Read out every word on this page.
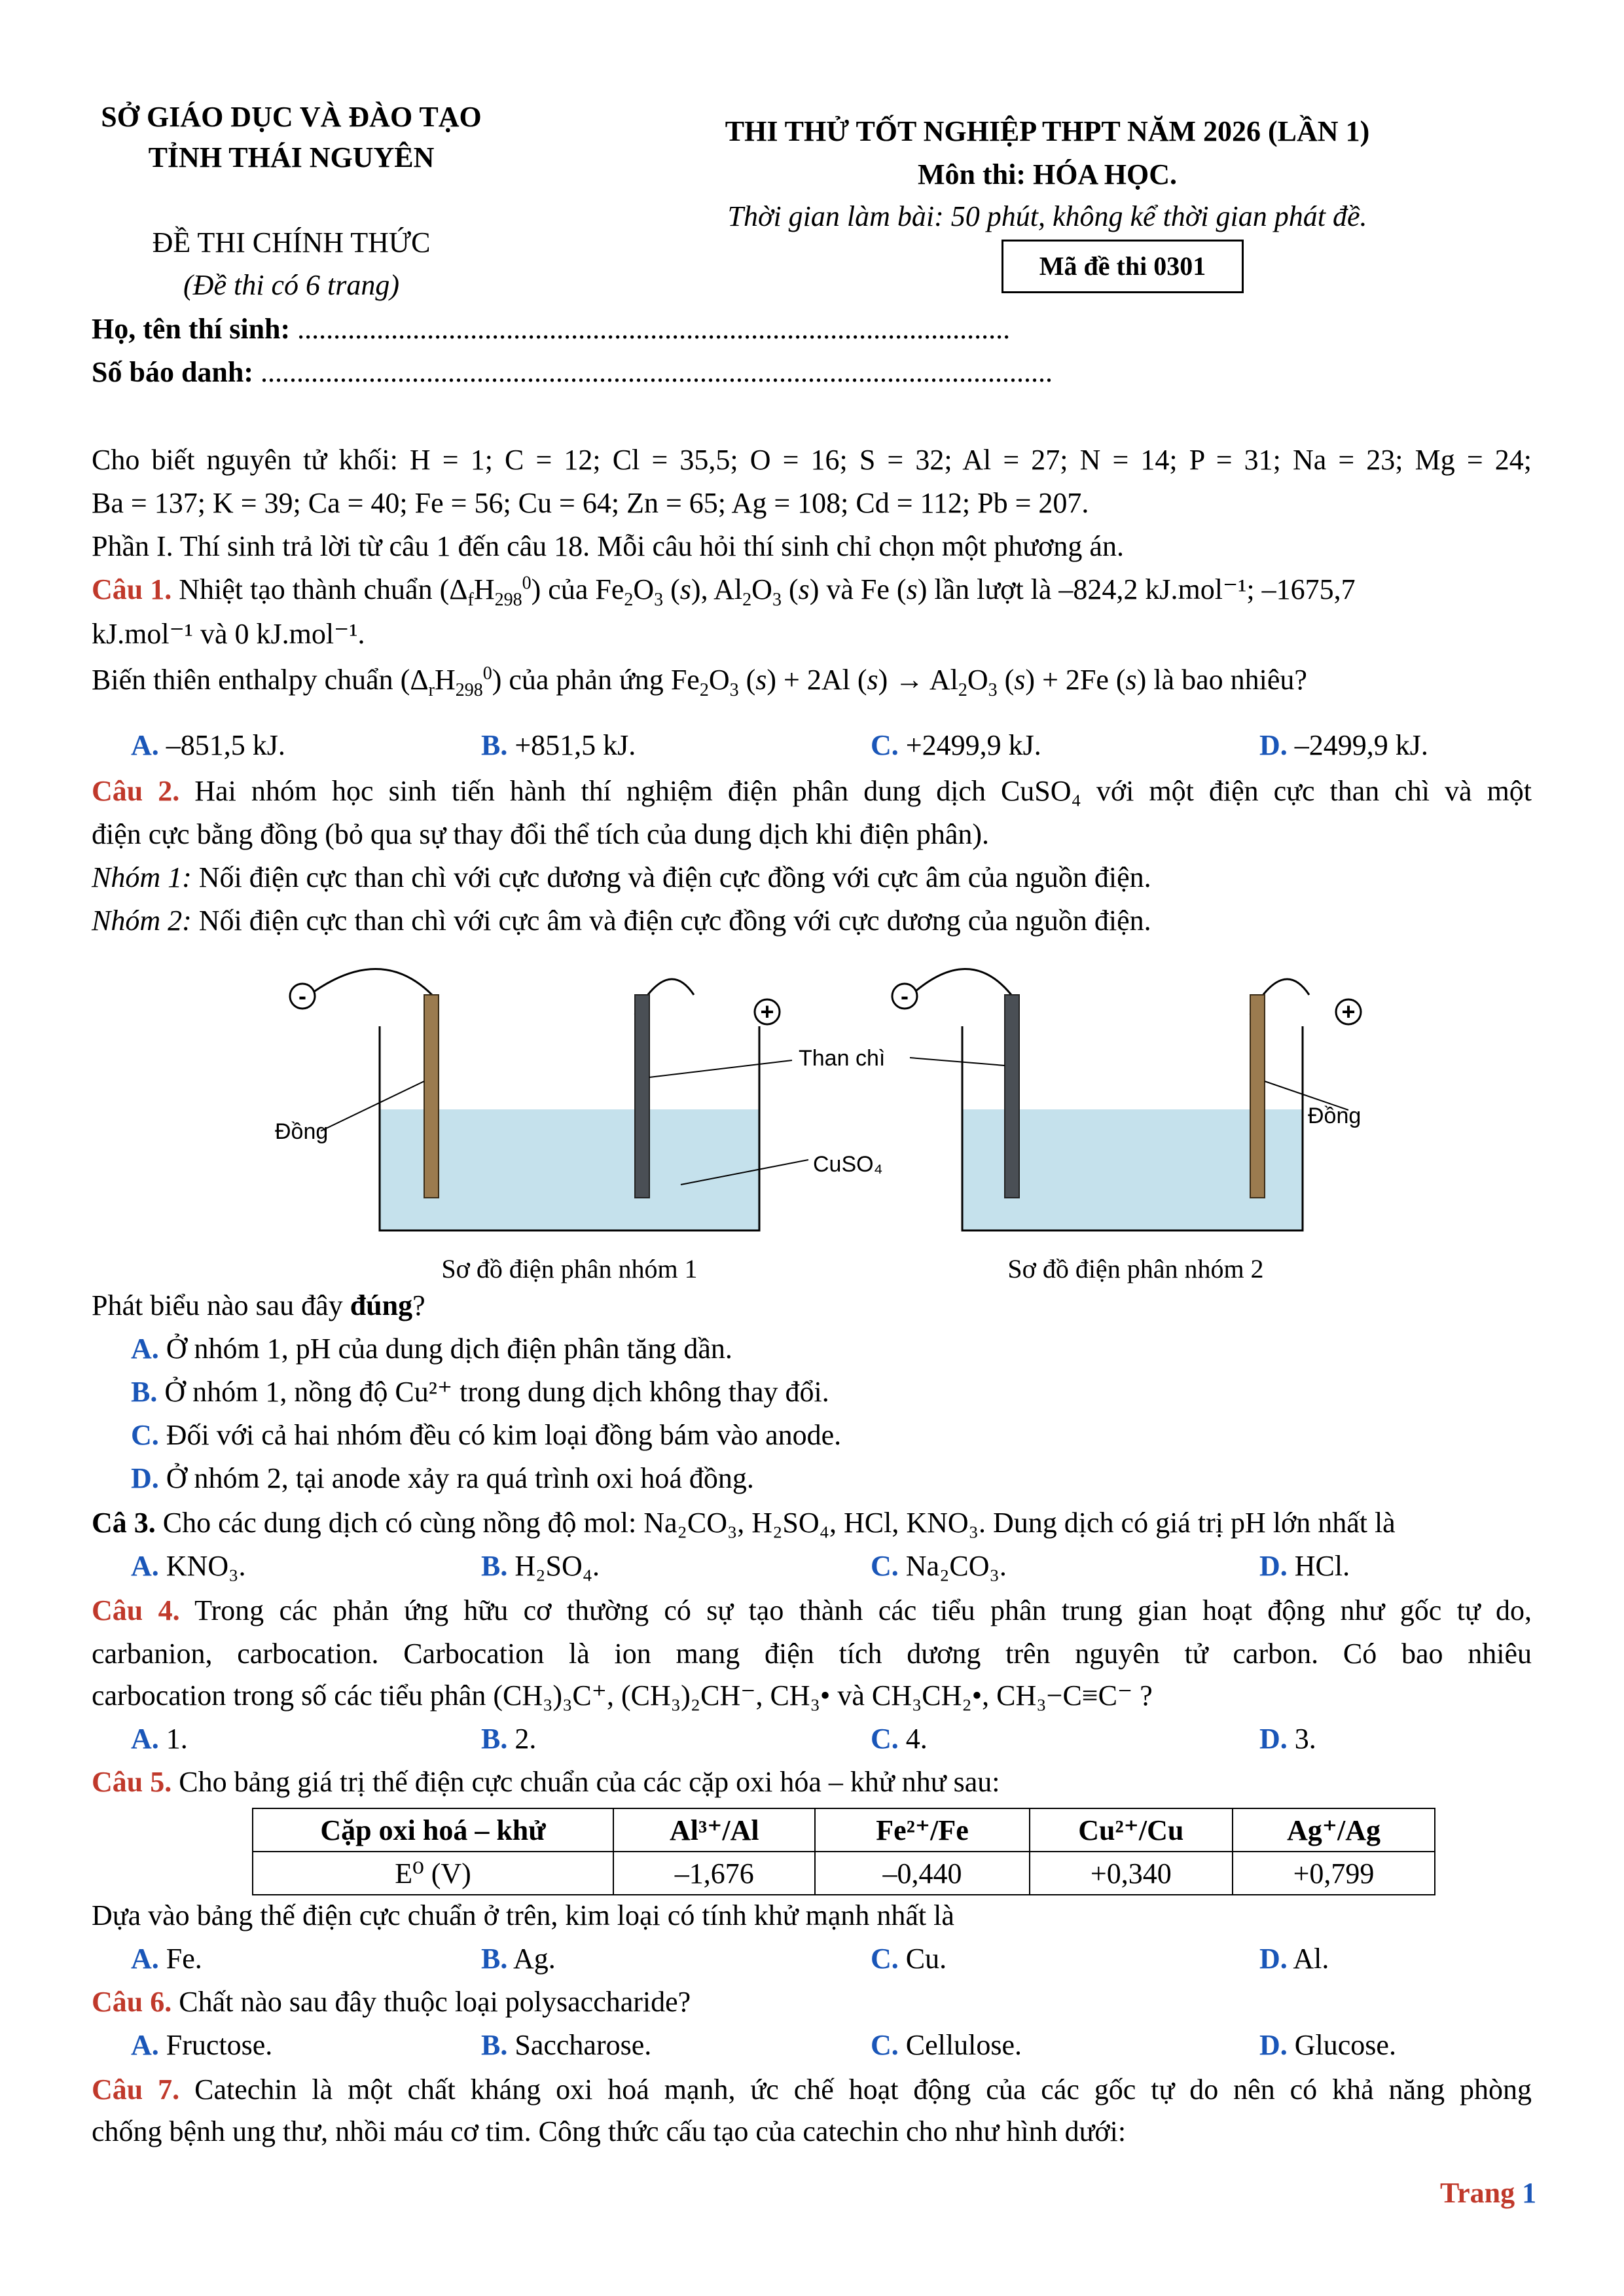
SỞ GIÁO DỤC VÀ ĐÀO TẠO
TỈNH THÁI NGUYÊN
ĐỀ THI CHÍNH THỨC
(Đề thi có 6 trang)
THI THỬ TỐT NGHIỆP THPT NĂM 2026 (LẦN 1)
Môn thi: HÓA HỌC.
Thời gian làm bài: 50 phút, không kể thời gian phát đề.
Mã đề thi 0301
Họ, tên thí sinh: ...................................................................................................
Số báo danh: ..............................................................................................................
Cho biết nguyên tử khối: H = 1; C = 12; Cl = 35,5; O = 16; S = 32; Al = 27; N = 14; P = 31; Na = 23; Mg = 24;
Ba = 137; K = 39; Ca = 40; Fe = 56; Cu = 64; Zn = 65; Ag = 108; Cd = 112; Pb = 207.
Phần I. Thí sinh trả lời từ câu 1 đến câu 18. Mỗi câu hỏi thí sinh chỉ chọn một phương án.
Câu 1. Nhiệt tạo thành chuẩn $(\Delta_fH_{298}^0)$ của $Fe_2O_3$ (s), $Al_2O_3$ (s) và Fe (s) lần lượt là –824,2 kJ.mol⁻¹; –1675,7
kJ.mol⁻¹ và 0 kJ.mol⁻¹.
Biến thiên enthalpy chuẩn $(\Delta_rH_{298}^0)$ của phản ứng $Fe_2O_3$ (s) + 2Al $(s) \to Al_2O_3$ (s) + 2Fe (s) là bao nhiêu?
A. –851,5 kJ.	B. +851,5 kJ.	C. +2499,9 kJ.	D. –2499,9 kJ.
Câu 2. Hai nhóm học sinh tiến hành thí nghiệm điện phân dung dịch CuSO₄ với một điện cực than chì và một
điện cực bằng đồng (bỏ qua sự thay đổi thể tích của dung dịch khi điện phân).
Nhóm 1: Nối điện cực than chì với cực dương và điện cực đồng với cực âm của nguồn điện.
Nhóm 2: Nối điện cực than chì với cực âm và điện cực đồng với cực dương của nguồn điện.
-
+
Đồng
Sơ đồ điện phân nhóm 1
-
+
Đồng
Sơ đồ điện phân nhóm 2
Than chì
CuSO₄
Phát biểu nào sau đây đúng?
A. Ở nhóm 1, pH của dung dịch điện phân tăng dần.
B. Ở nhóm 1, nồng độ Cu²⁺ trong dung dịch không thay đổi.
C. Đối với cả hai nhóm đều có kim loại đồng bám vào anode.
D. Ở nhóm 2, tại anode xảy ra quá trình oxi hoá đồng.
Câ 3. Cho các dung dịch có cùng nồng độ mol: Na₂CO₃, H₂SO₄, HCl, KNO₃. Dung dịch có giá trị pH lớn nhất là
A. KNO₃.	B. H₂SO₄.	C. Na₂CO₃.	D. HCl.
Câu 4. Trong các phản ứng hữu cơ thường có sự tạo thành các tiểu phân trung gian hoạt động như gốc tự do,
carbanion, carbocation. Carbocation là ion mang điện tích dương trên nguyên tử carbon. Có bao nhiêu
carbocation trong số các tiểu phân (CH₃)₃C⁺, (CH₃)₂CH⁻, CH₃• và CH₃CH₂•, CH₃−C≡C⁻ ?
A. 1.	B. 2.	C. 4.	D. 3.
Câu 5. Cho bảng giá trị thế điện cực chuẩn của các cặp oxi hóa – khử như sau:
Cặp oxi hoá – khử	Al³⁺/Al	Fe²⁺/Fe	Cu²⁺/Cu	Ag⁺/Ag
E⁰ (V)	–1,676	–0,440	+0,340	+0,799
Dựa vào bảng thế điện cực chuẩn ở trên, kim loại có tính khử mạnh nhất là
A. Fe.	B. Ag.	C. Cu.	D. Al.
Câu 6. Chất nào sau đây thuộc loại polysaccharide?
A. Fructose.	B. Saccharose.	C. Cellulose.	D. Glucose.
Câu 7. Catechin là một chất kháng oxi hoá mạnh, ức chế hoạt động của các gốc tự do nên có khả năng phòng
chống bệnh ung thư, nhồi máu cơ tim. Công thức cấu tạo của catechin cho như hình dưới:
Trang 1
